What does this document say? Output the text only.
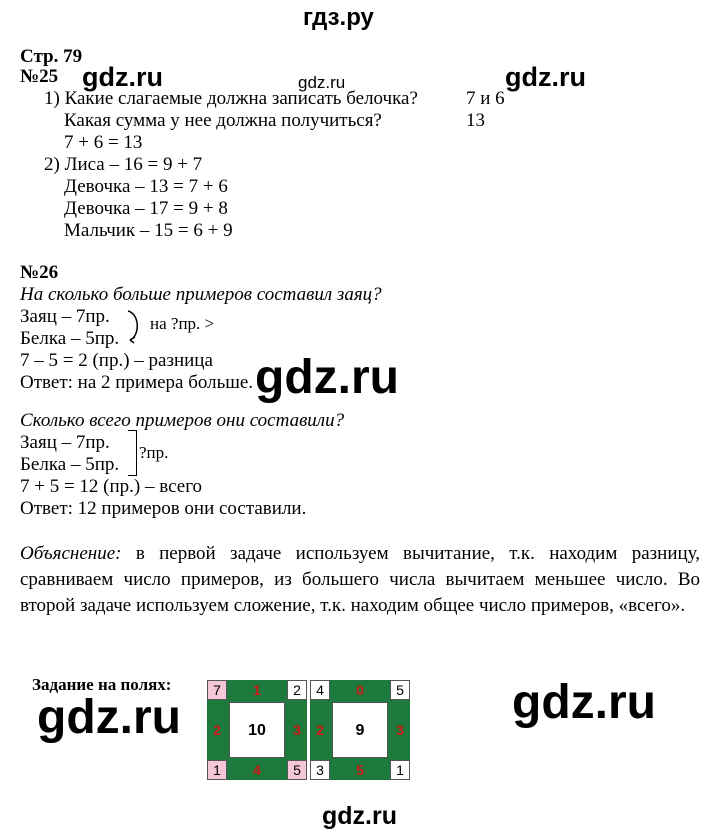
гдз.ру
gdz.ru	gdz.ru	gdz.ru
gdz.ru
gdz.ru	gdz.ru
gdz.ru
Стр. 79
№25
1) Какие слагаемые должна записать белочка?	7 и 6
Какая сумма у нее должна получиться?	13
7 + 6 = 13
2) Лиса – 16 = 9 + 7
Девочка – 13 = 7 + 6
Девочка – 17 = 9 + 8
Мальчик – 15 = 6 + 9
№26
На сколько больше примеров составил заяц?
Заяц – 7пр.
Белка – 5пр.
на ?пр. >
7 – 5 = 2 (пр.) – разница
Ответ: на 2 примера больше.
Сколько всего примеров они составили?
Заяц – 7пр.
Белка – 5пр.
?пр.
7 + 5 = 12 (пр.) – всего
Ответ: 12 примеров они составили.
Объяснение: в первой задаче используем вычитание, т.к. находим разницу, сравниваем число примеров, из большего числа вычитаем меньшее число. Во второй задаче используем сложение, т.к. находим общее число примеров, «всего».
Задание на полях:	7	1	2
2	10	3
1	4	5
4	0	5
2	9	3
3	5	1
